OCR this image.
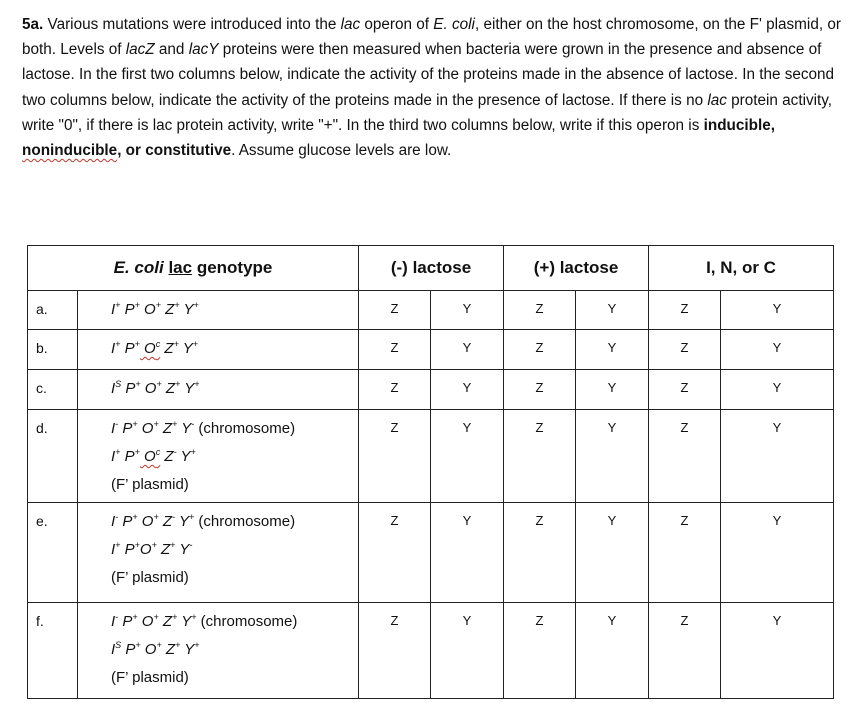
5a. Various mutations were introduced into the lac operon of E. coli, either on the host chromosome, on the F' plasmid, or both. Levels of lacZ and lacY proteins were then measured when bacteria were grown in the presence and absence of lactose. In the first two columns below, indicate the activity of the proteins made in the absence of lactose. In the second two columns below, indicate the activity of the proteins made in the presence of lactose. If there is no lac protein activity, write "0", if there is lac protein activity, write "+". In the third two columns below, write if this operon is inducible, noninducible, or constitutive. Assume glucose levels are low.
E. coli lac genotype		(-) lactose		(+) lactose		I, N, or C	
a.	I+ P+ O+ Z+ Y+	Z	Y	Z	Y	Z	Y
b.	I+ P+ $O^c$ Z+ Y+	Z	Y	Z	Y	Z	Y
c.	$I^S$ P+ O+ Z+ Y+	Z	Y	Z	Y	Z	Y
d.	I- P+ O+ Z+ Y- (chromosome)
I+ P+ $O^c$ Z- Y+
(F’ plasmid)	Z	Y	Z	Y	Z	Y
e.	I- P+ O+ Z- Y+ (chromosome)
I+ P+O+ Z+ Y-
(F’ plasmid)	Z	Y	Z	Y	Z	Y
f.	I- P+ O+ Z+ Y+ (chromosome)
$I^S$ P+ O+ Z+ Y+
(F’ plasmid)	Z	Y	Z	Y	Z	Y
